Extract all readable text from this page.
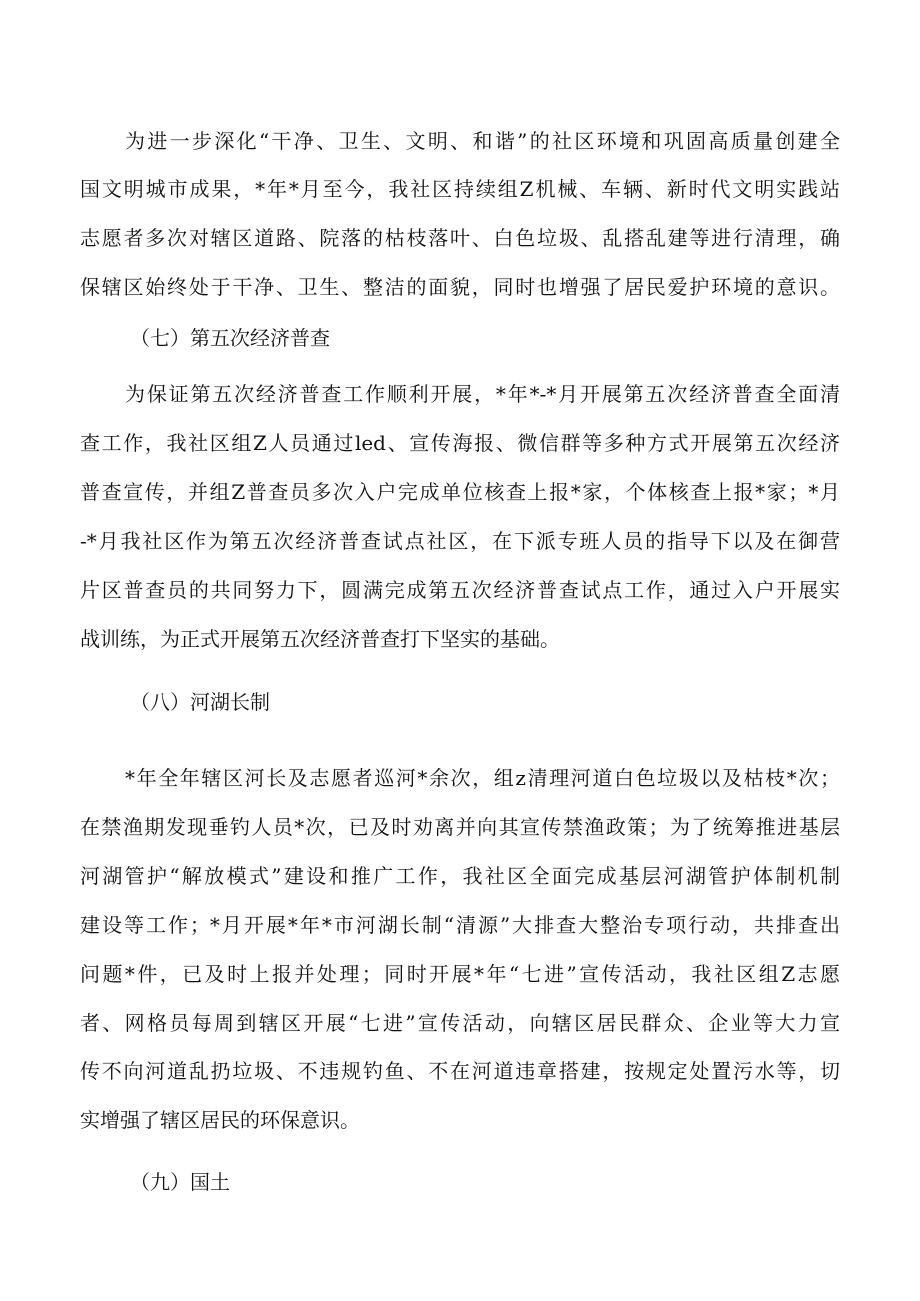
为进一步深化“干净、卫生、文明、和谐”的社区环境和巩固高质量创建全
国文明城市成果，*年*月至今，我社区持续组Z机械、车辆、新时代文明实践站
志愿者多次对辖区道路、院落的枯枝落叶、白色垃圾、乱搭乱建等进行清理，确
保辖区始终处于干净、卫生、整洁的面貌，同时也增强了居民爱护环境的意识。
（七）第五次经济普查
为保证第五次经济普查工作顺利开展，*年*-*月开展第五次经济普查全面清
查工作，我社区组Z人员通过led、宣传海报、微信群等多种方式开展第五次经济
普查宣传，并组Z普查员多次入户完成单位核查上报*家，个体核查上报*家；*月
-*月我社区作为第五次经济普查试点社区，在下派专班人员的指导下以及在御营
片区普查员的共同努力下，圆满完成第五次经济普查试点工作，通过入户开展实
战训练，为正式开展第五次经济普查打下坚实的基础。
（八）河湖长制
*年全年辖区河长及志愿者巡河*余次，组z清理河道白色垃圾以及枯枝*次；
在禁渔期发现垂钓人员*次，已及时劝离并向其宣传禁渔政策；为了统筹推进基层
河湖管护“解放模式”建设和推广工作，我社区全面完成基层河湖管护体制机制
建设等工作；*月开展*年*市河湖长制“清源”大排查大整治专项行动，共排查出
问题*件，已及时上报并处理；同时开展*年“七进”宣传活动，我社区组Z志愿
者、网格员每周到辖区开展“七进”宣传活动，向辖区居民群众、企业等大力宣
传不向河道乱扔垃圾、不违规钓鱼、不在河道违章搭建，按规定处置污水等，切
实增强了辖区居民的环保意识。
（九）国土
